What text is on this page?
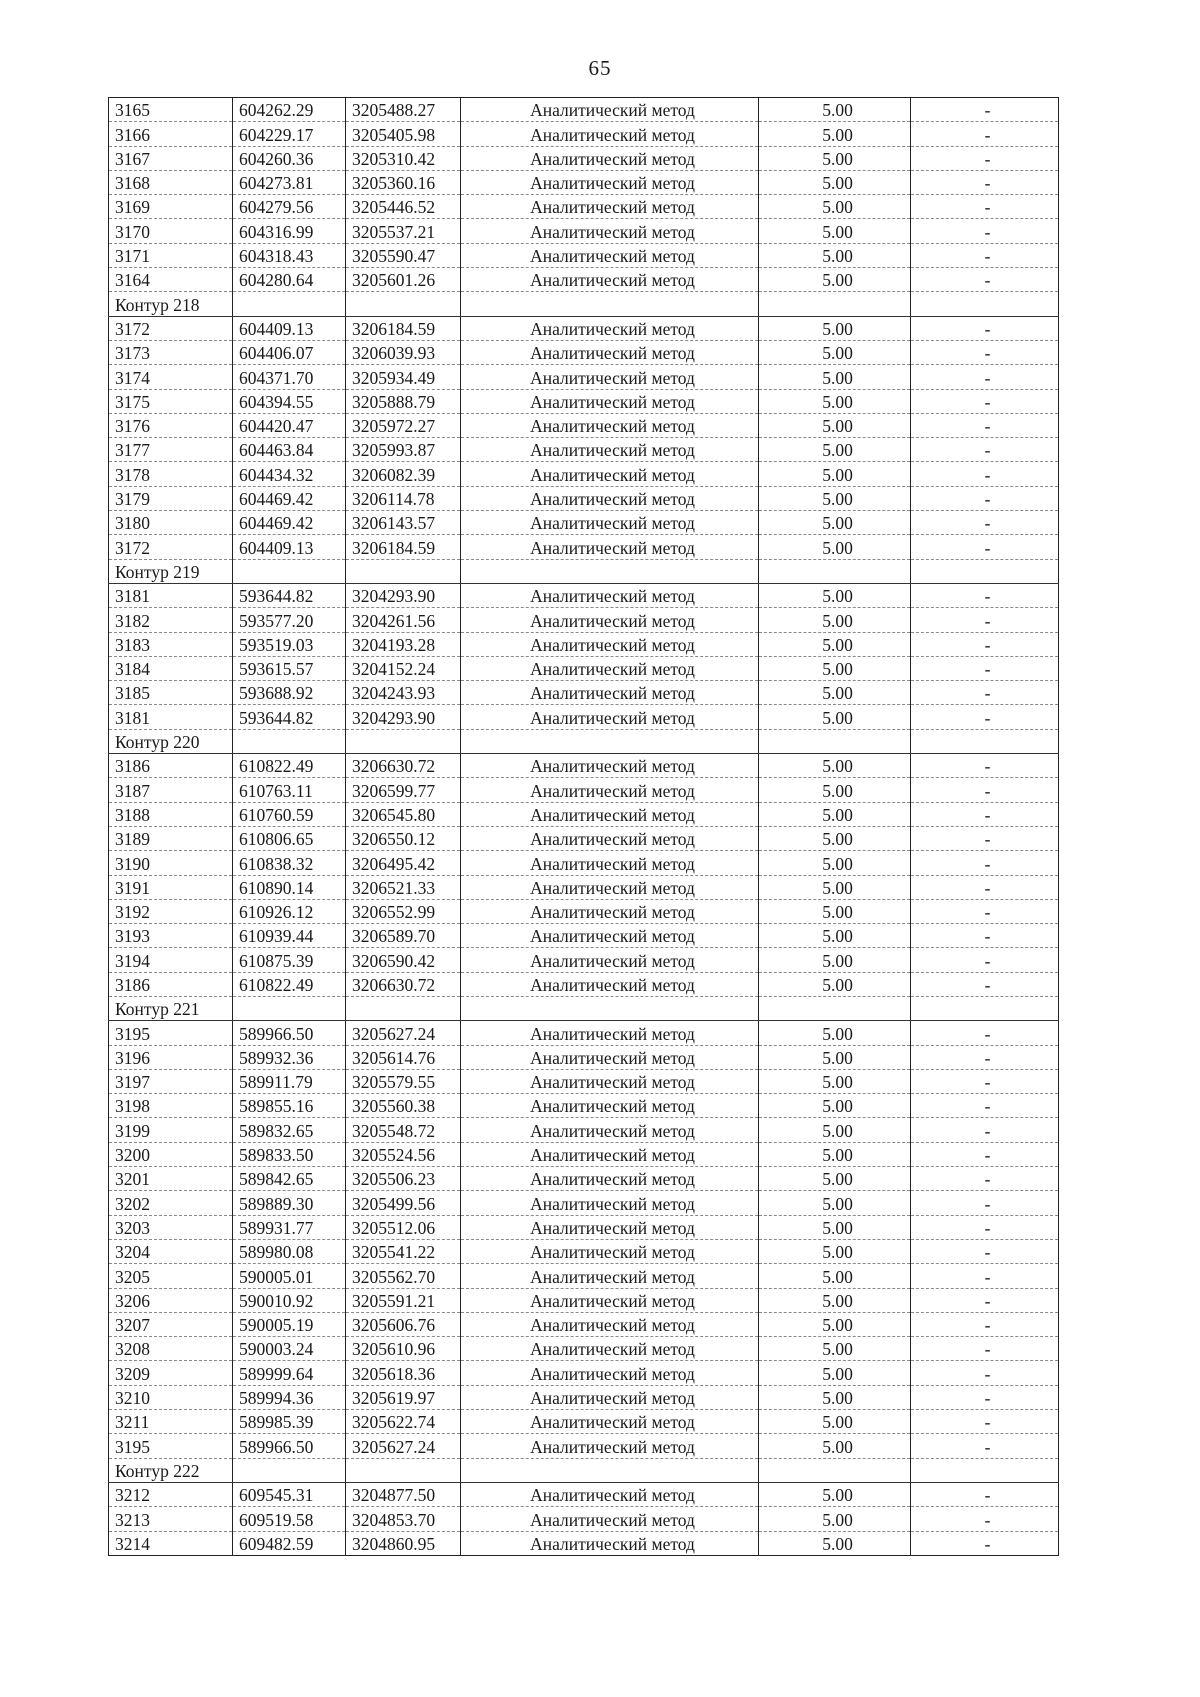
65
3165	604262.29	3205488.27	Аналитический метод	5.00	-
3166	604229.17	3205405.98	Аналитический метод	5.00	-
3167	604260.36	3205310.42	Аналитический метод	5.00	-
3168	604273.81	3205360.16	Аналитический метод	5.00	-
3169	604279.56	3205446.52	Аналитический метод	5.00	-
3170	604316.99	3205537.21	Аналитический метод	5.00	-
3171	604318.43	3205590.47	Аналитический метод	5.00	-
3164	604280.64	3205601.26	Аналитический метод	5.00	-
Контур 218					
3172	604409.13	3206184.59	Аналитический метод	5.00	-
3173	604406.07	3206039.93	Аналитический метод	5.00	-
3174	604371.70	3205934.49	Аналитический метод	5.00	-
3175	604394.55	3205888.79	Аналитический метод	5.00	-
3176	604420.47	3205972.27	Аналитический метод	5.00	-
3177	604463.84	3205993.87	Аналитический метод	5.00	-
3178	604434.32	3206082.39	Аналитический метод	5.00	-
3179	604469.42	3206114.78	Аналитический метод	5.00	-
3180	604469.42	3206143.57	Аналитический метод	5.00	-
3172	604409.13	3206184.59	Аналитический метод	5.00	-
Контур 219					
3181	593644.82	3204293.90	Аналитический метод	5.00	-
3182	593577.20	3204261.56	Аналитический метод	5.00	-
3183	593519.03	3204193.28	Аналитический метод	5.00	-
3184	593615.57	3204152.24	Аналитический метод	5.00	-
3185	593688.92	3204243.93	Аналитический метод	5.00	-
3181	593644.82	3204293.90	Аналитический метод	5.00	-
Контур 220					
3186	610822.49	3206630.72	Аналитический метод	5.00	-
3187	610763.11	3206599.77	Аналитический метод	5.00	-
3188	610760.59	3206545.80	Аналитический метод	5.00	-
3189	610806.65	3206550.12	Аналитический метод	5.00	-
3190	610838.32	3206495.42	Аналитический метод	5.00	-
3191	610890.14	3206521.33	Аналитический метод	5.00	-
3192	610926.12	3206552.99	Аналитический метод	5.00	-
3193	610939.44	3206589.70	Аналитический метод	5.00	-
3194	610875.39	3206590.42	Аналитический метод	5.00	-
3186	610822.49	3206630.72	Аналитический метод	5.00	-
Контур 221					
3195	589966.50	3205627.24	Аналитический метод	5.00	-
3196	589932.36	3205614.76	Аналитический метод	5.00	-
3197	589911.79	3205579.55	Аналитический метод	5.00	-
3198	589855.16	3205560.38	Аналитический метод	5.00	-
3199	589832.65	3205548.72	Аналитический метод	5.00	-
3200	589833.50	3205524.56	Аналитический метод	5.00	-
3201	589842.65	3205506.23	Аналитический метод	5.00	-
3202	589889.30	3205499.56	Аналитический метод	5.00	-
3203	589931.77	3205512.06	Аналитический метод	5.00	-
3204	589980.08	3205541.22	Аналитический метод	5.00	-
3205	590005.01	3205562.70	Аналитический метод	5.00	-
3206	590010.92	3205591.21	Аналитический метод	5.00	-
3207	590005.19	3205606.76	Аналитический метод	5.00	-
3208	590003.24	3205610.96	Аналитический метод	5.00	-
3209	589999.64	3205618.36	Аналитический метод	5.00	-
3210	589994.36	3205619.97	Аналитический метод	5.00	-
3211	589985.39	3205622.74	Аналитический метод	5.00	-
3195	589966.50	3205627.24	Аналитический метод	5.00	-
Контур 222					
3212	609545.31	3204877.50	Аналитический метод	5.00	-
3213	609519.58	3204853.70	Аналитический метод	5.00	-
3214	609482.59	3204860.95	Аналитический метод	5.00	-
